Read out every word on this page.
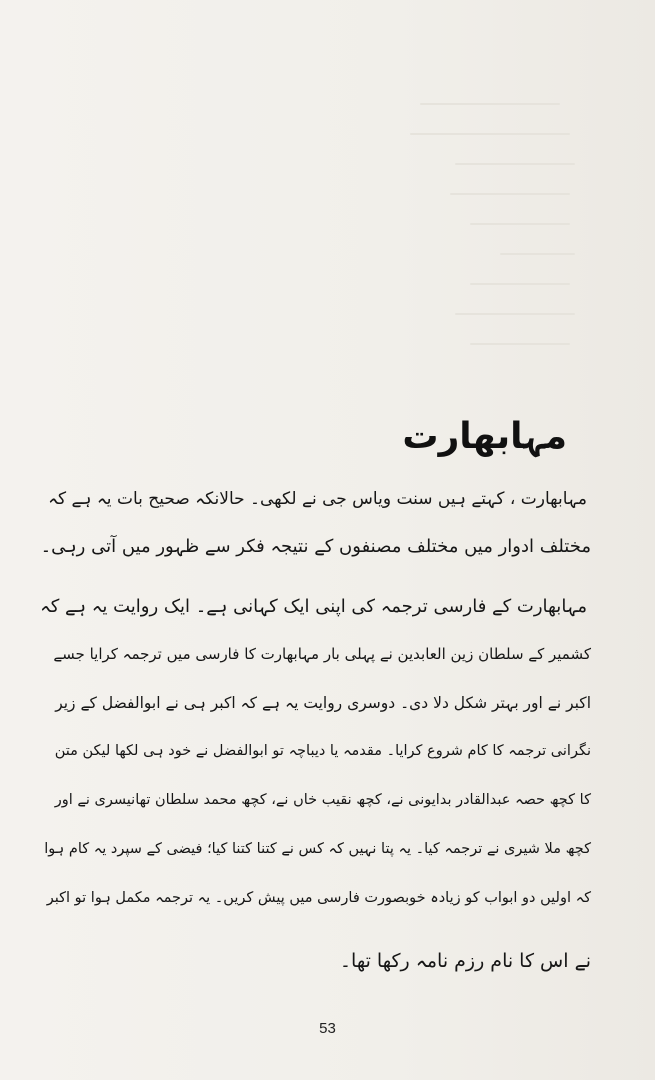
مہابھارت
مہابھارت ، کہتے ہیں سنت ویاس جی نے لکھی۔ حالانکہ صحیح بات یہ ہے کہ
مختلف ادوار میں مختلف مصنفوں کے نتیجہ فکر سے ظہور میں آتی رہی۔
مہابھارت کے فارسی ترجمہ کی اپنی ایک کہانی ہے۔ ایک روایت یہ ہے کہ
کشمیر کے سلطان زین العابدین نے پہلی بار مہابھارت کا فارسی میں ترجمہ کرایا جسے
اکبر نے اور بہتر شکل دلا دی۔ دوسری روایت یہ ہے کہ اکبر ہی نے ابوالفضل کے زیر
نگرانی ترجمہ کا کام شروع کرایا۔ مقدمہ یا دیباچہ تو ابوالفضل نے خود ہی لکھا لیکن متن
کا کچھ حصہ عبدالقادر بدایونی نے، کچھ نقیب خاں نے، کچھ محمد سلطان تھانیسری نے اور
کچھ ملا شیری نے ترجمہ کیا۔ یہ پتا نہیں کہ کس نے کتنا کتنا کیا؛ فیضی کے سپرد یہ کام ہوا
کہ اولیں دو ابواب کو زیادہ خوبصورت فارسی میں پیش کریں۔ یہ ترجمہ مکمل ہوا تو اکبر
نے اس کا نام رزم نامہ رکھا تھا۔
53
